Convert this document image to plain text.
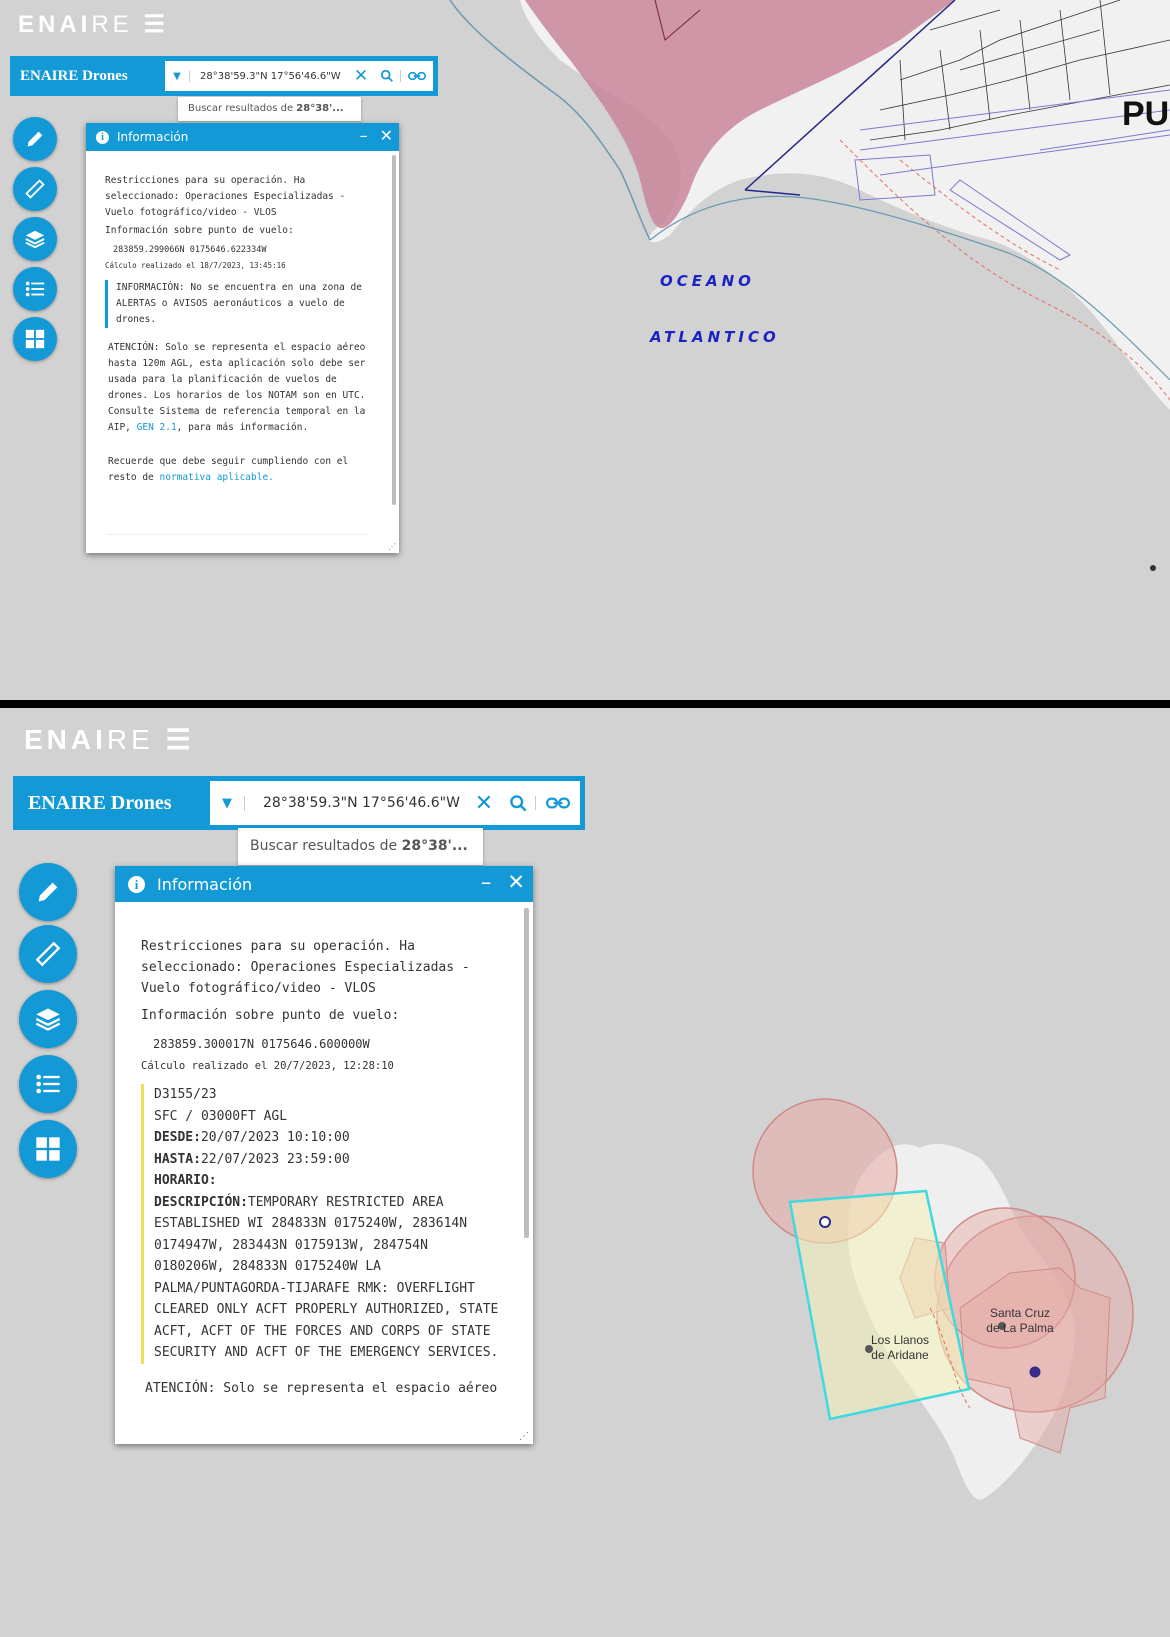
PU
OCEANO
ATLANTICO
ENAIRE ☰
ENAIRE Drones	▼	28°38'59.3"N 17°56'46.6"W ✕
Buscar resultados de 28°38'...
i	Información	– ✕

Restricciones para su operación. Ha seleccionado: Operaciones Especializadas - Vuelo fotográfico/video - VLOS

Información sobre punto de vuelo:

283859.299066N 0175646.622334W

Cálculo realizado el 18/7/2023, 13:45:16

INFORMACIÓN: No se encuentra en una zona de ALERTAS o AVISOS aeronáuticos a vuelo de drones.

ATENCIÓN: Solo se representa el espacio aéreo hasta 120m AGL, esta aplicación solo debe ser usada para la planificación de vuelos de drones. Los horarios de los NOTAM son en UTC. Consulte Sistema de referencia temporal en la AIP, GEN 2.1, para más información.

Recuerde que debe seguir cumpliendo con el resto de normativa aplicable.

⋰
Santa Cruz
de La Palma
Los Llanos
de Aridane
ENAIRE ☰
ENAIRE Drones	▼	28°38'59.3"N 17°56'46.6"W ✕
Buscar resultados de 28°38'...
i	Información	– ✕

Restricciones para su operación. Ha seleccionado: Operaciones Especializadas - Vuelo fotográfico/video - VLOS

Información sobre punto de vuelo:

283859.300017N 0175646.600000W

Cálculo realizado el 20/7/2023, 12:28:10

D3155/23

SFC / 03000FT AGL

DESDE:20/07/2023 10:10:00

HASTA:22/07/2023 23:59:00

HORARIO:

DESCRIPCIÓN:TEMPORARY RESTRICTED AREA ESTABLISHED WI 284833N 0175240W, 283614N 0174947W, 283443N 0175913W, 284754N 0180206W, 284833N 0175240W LA PALMA/PUNTAGORDA-TIJARAFE RMK: OVERFLIGHT CLEARED ONLY ACFT PROPERLY AUTHORIZED, STATE ACFT, ACFT OF THE FORCES AND CORPS OF STATE SECURITY AND ACFT OF THE EMERGENCY SERVICES.

ATENCIÓN: Solo se representa el espacio aéreo

⋰
